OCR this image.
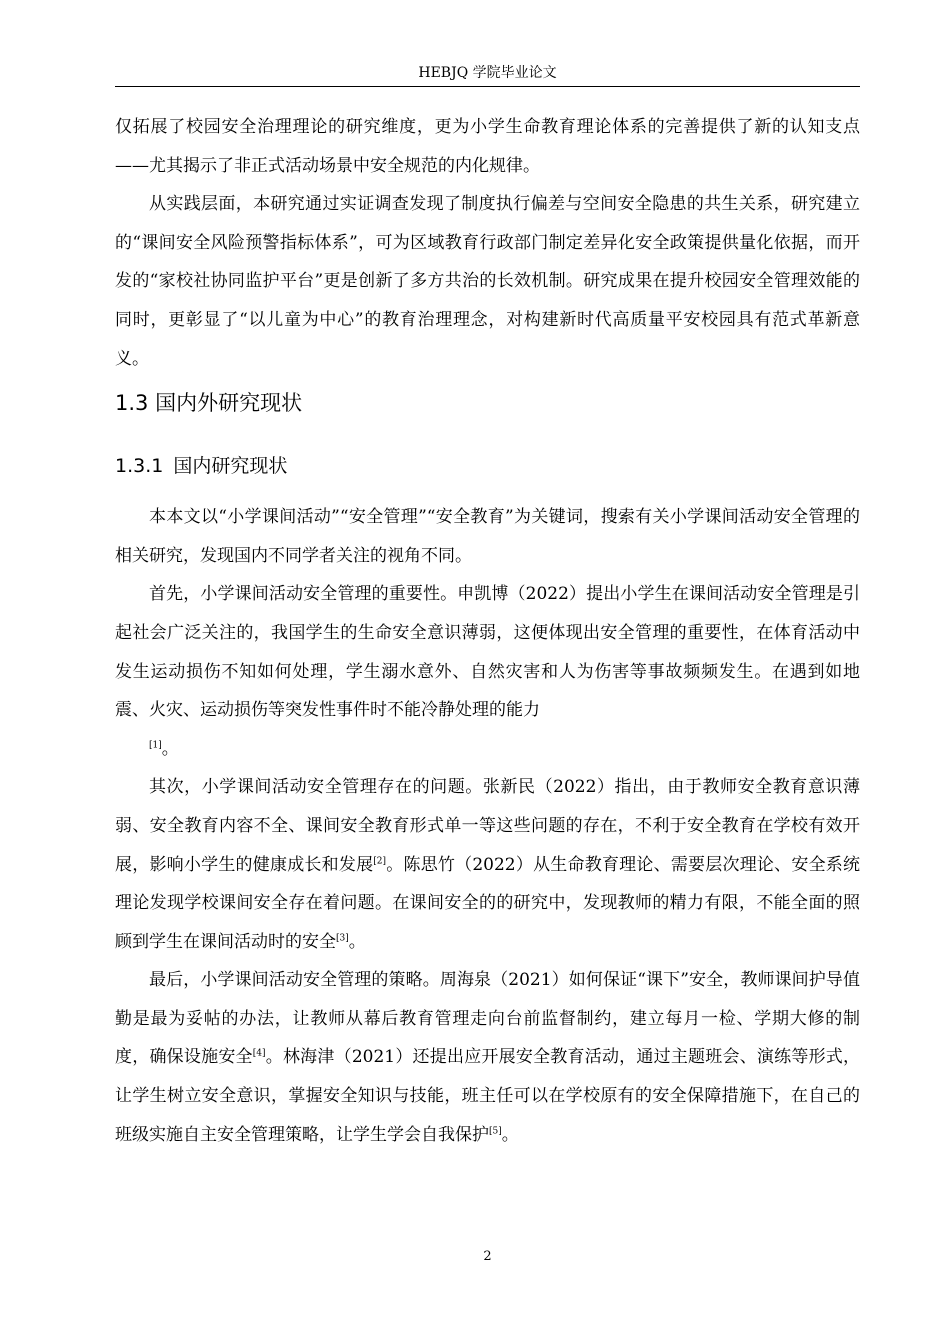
HEBJQ 学院毕业论文

仅拓展了校园安全治理理论的研究维度，更为小学生命教育理论体系的完善提供了新的认知支点——尤其揭示了非正式活动场景中安全规范的内化规律。

从实践层面，本研究通过实证调查发现了制度执行偏差与空间安全隐患的共生关系，研究建立的“课间安全风险预警指标体系”，可为区域教育行政部门制定差异化安全政策提供量化依据，而开发的“家校社协同监护平台”更是创新了多方共治的长效机制。研究成果在提升校园安全管理效能的同时，更彰显了“以儿童为中心”的教育治理理念，对构建新时代高质量平安校园具有范式革新意义。

1.3 国内外研究现状
1.3.1 国内研究现状

本本文以“小学课间活动”“安全管理”“安全教育”为关键词，搜索有关小学课间活动安全管理的相关研究，发现国内不同学者关注的视角不同。

首先，小学课间活动安全管理的重要性。申凯博（2022）提出小学生在课间活动安全管理是引起社会广泛关注的，我国学生的生命安全意识薄弱，这便体现出安全管理的重要性，在体育活动中发生运动损伤不知如何处理，学生溺水意外、自然灾害和人为伤害等事故频频发生。在遇到如地震、火灾、运动损伤等突发性事件时不能冷静处理的能力
[1]。

其次，小学课间活动安全管理存在的问题。张新民（2022）指出，由于教师安全教育意识薄弱、安全教育内容不全、课间安全教育形式单一等这些问题的存在，不利于安全教育在学校有效开展，影响小学生的健康成长和发展[2]。陈思竹（2022）从生命教育理论、需要层次理论、安全系统理论发现学校课间安全存在着问题。在课间安全的的研究中，发现教师的精力有限，不能全面的照顾到学生在课间活动时的安全[3]。

最后，小学课间活动安全管理的策略。周海泉（2021）如何保证“课下”安全，教师课间护导值勤是最为妥帖的办法，让教师从幕后教育管理走向台前监督制约，建立每月一检、学期大修的制度，确保设施安全[4]。林海津（2021）还提出应开展安全教育活动，通过主题班会、演练等形式，让学生树立安全意识，掌握安全知识与技能，班主任可以在学校原有的安全保障措施下，在自己的班级实施自主安全管理策略，让学生学会自我保护[5]。

2
